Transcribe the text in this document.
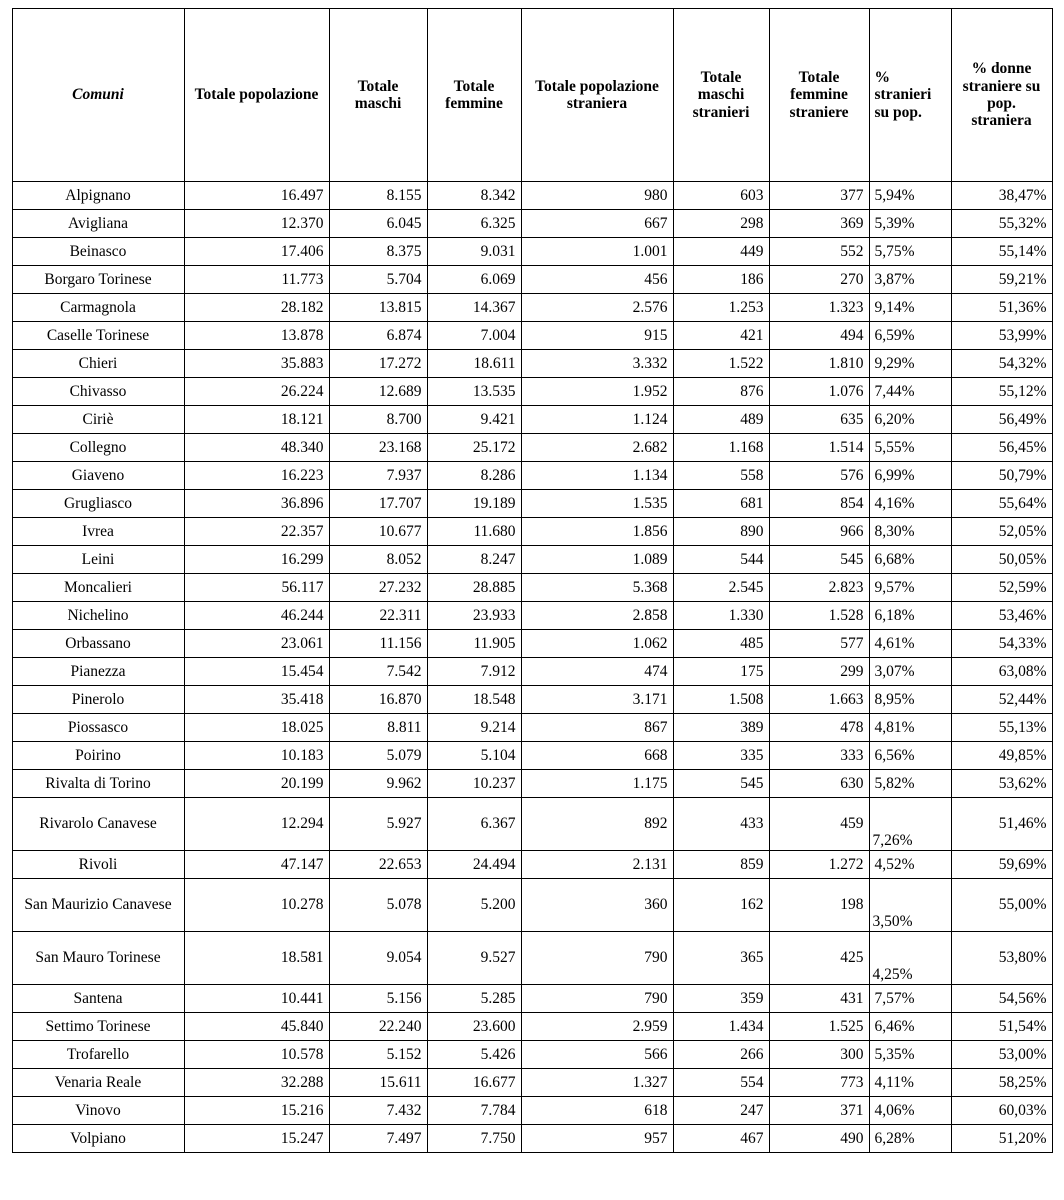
Comuni	Totale popolazione	Totale maschi	Totale femmine	Totale popolazione straniera	Totale maschi stranieri	Totale femmine straniere	% stranieri su pop.	% donne straniere su pop. straniera
Alpignano	16.497	8.155	8.342	980	603	377	5,94%	38,47%
Avigliana	12.370	6.045	6.325	667	298	369	5,39%	55,32%
Beinasco	17.406	8.375	9.031	1.001	449	552	5,75%	55,14%
Borgaro Torinese	11.773	5.704	6.069	456	186	270	3,87%	59,21%
Carmagnola	28.182	13.815	14.367	2.576	1.253	1.323	9,14%	51,36%
Caselle Torinese	13.878	6.874	7.004	915	421	494	6,59%	53,99%
Chieri	35.883	17.272	18.611	3.332	1.522	1.810	9,29%	54,32%
Chivasso	26.224	12.689	13.535	1.952	876	1.076	7,44%	55,12%
Ciriè	18.121	8.700	9.421	1.124	489	635	6,20%	56,49%
Collegno	48.340	23.168	25.172	2.682	1.168	1.514	5,55%	56,45%
Giaveno	16.223	7.937	8.286	1.134	558	576	6,99%	50,79%
Grugliasco	36.896	17.707	19.189	1.535	681	854	4,16%	55,64%
Ivrea	22.357	10.677	11.680	1.856	890	966	8,30%	52,05%
Leini	16.299	8.052	8.247	1.089	544	545	6,68%	50,05%
Moncalieri	56.117	27.232	28.885	5.368	2.545	2.823	9,57%	52,59%
Nichelino	46.244	22.311	23.933	2.858	1.330	1.528	6,18%	53,46%
Orbassano	23.061	11.156	11.905	1.062	485	577	4,61%	54,33%
Pianezza	15.454	7.542	7.912	474	175	299	3,07%	63,08%
Pinerolo	35.418	16.870	18.548	3.171	1.508	1.663	8,95%	52,44%
Piossasco	18.025	8.811	9.214	867	389	478	4,81%	55,13%
Poirino	10.183	5.079	5.104	668	335	333	6,56%	49,85%
Rivalta di Torino	20.199	9.962	10.237	1.175	545	630	5,82%	53,62%
Rivarolo Canavese	12.294	5.927	6.367	892	433	459	7,26%	51,46%
Rivoli	47.147	22.653	24.494	2.131	859	1.272	4,52%	59,69%
San Maurizio Canavese	10.278	5.078	5.200	360	162	198	3,50%	55,00%
San Mauro Torinese	18.581	9.054	9.527	790	365	425	4,25%	53,80%
Santena	10.441	5.156	5.285	790	359	431	7,57%	54,56%
Settimo Torinese	45.840	22.240	23.600	2.959	1.434	1.525	6,46%	51,54%
Trofarello	10.578	5.152	5.426	566	266	300	5,35%	53,00%
Venaria Reale	32.288	15.611	16.677	1.327	554	773	4,11%	58,25%
Vinovo	15.216	7.432	7.784	618	247	371	4,06%	60,03%
Volpiano	15.247	7.497	7.750	957	467	490	6,28%	51,20%
